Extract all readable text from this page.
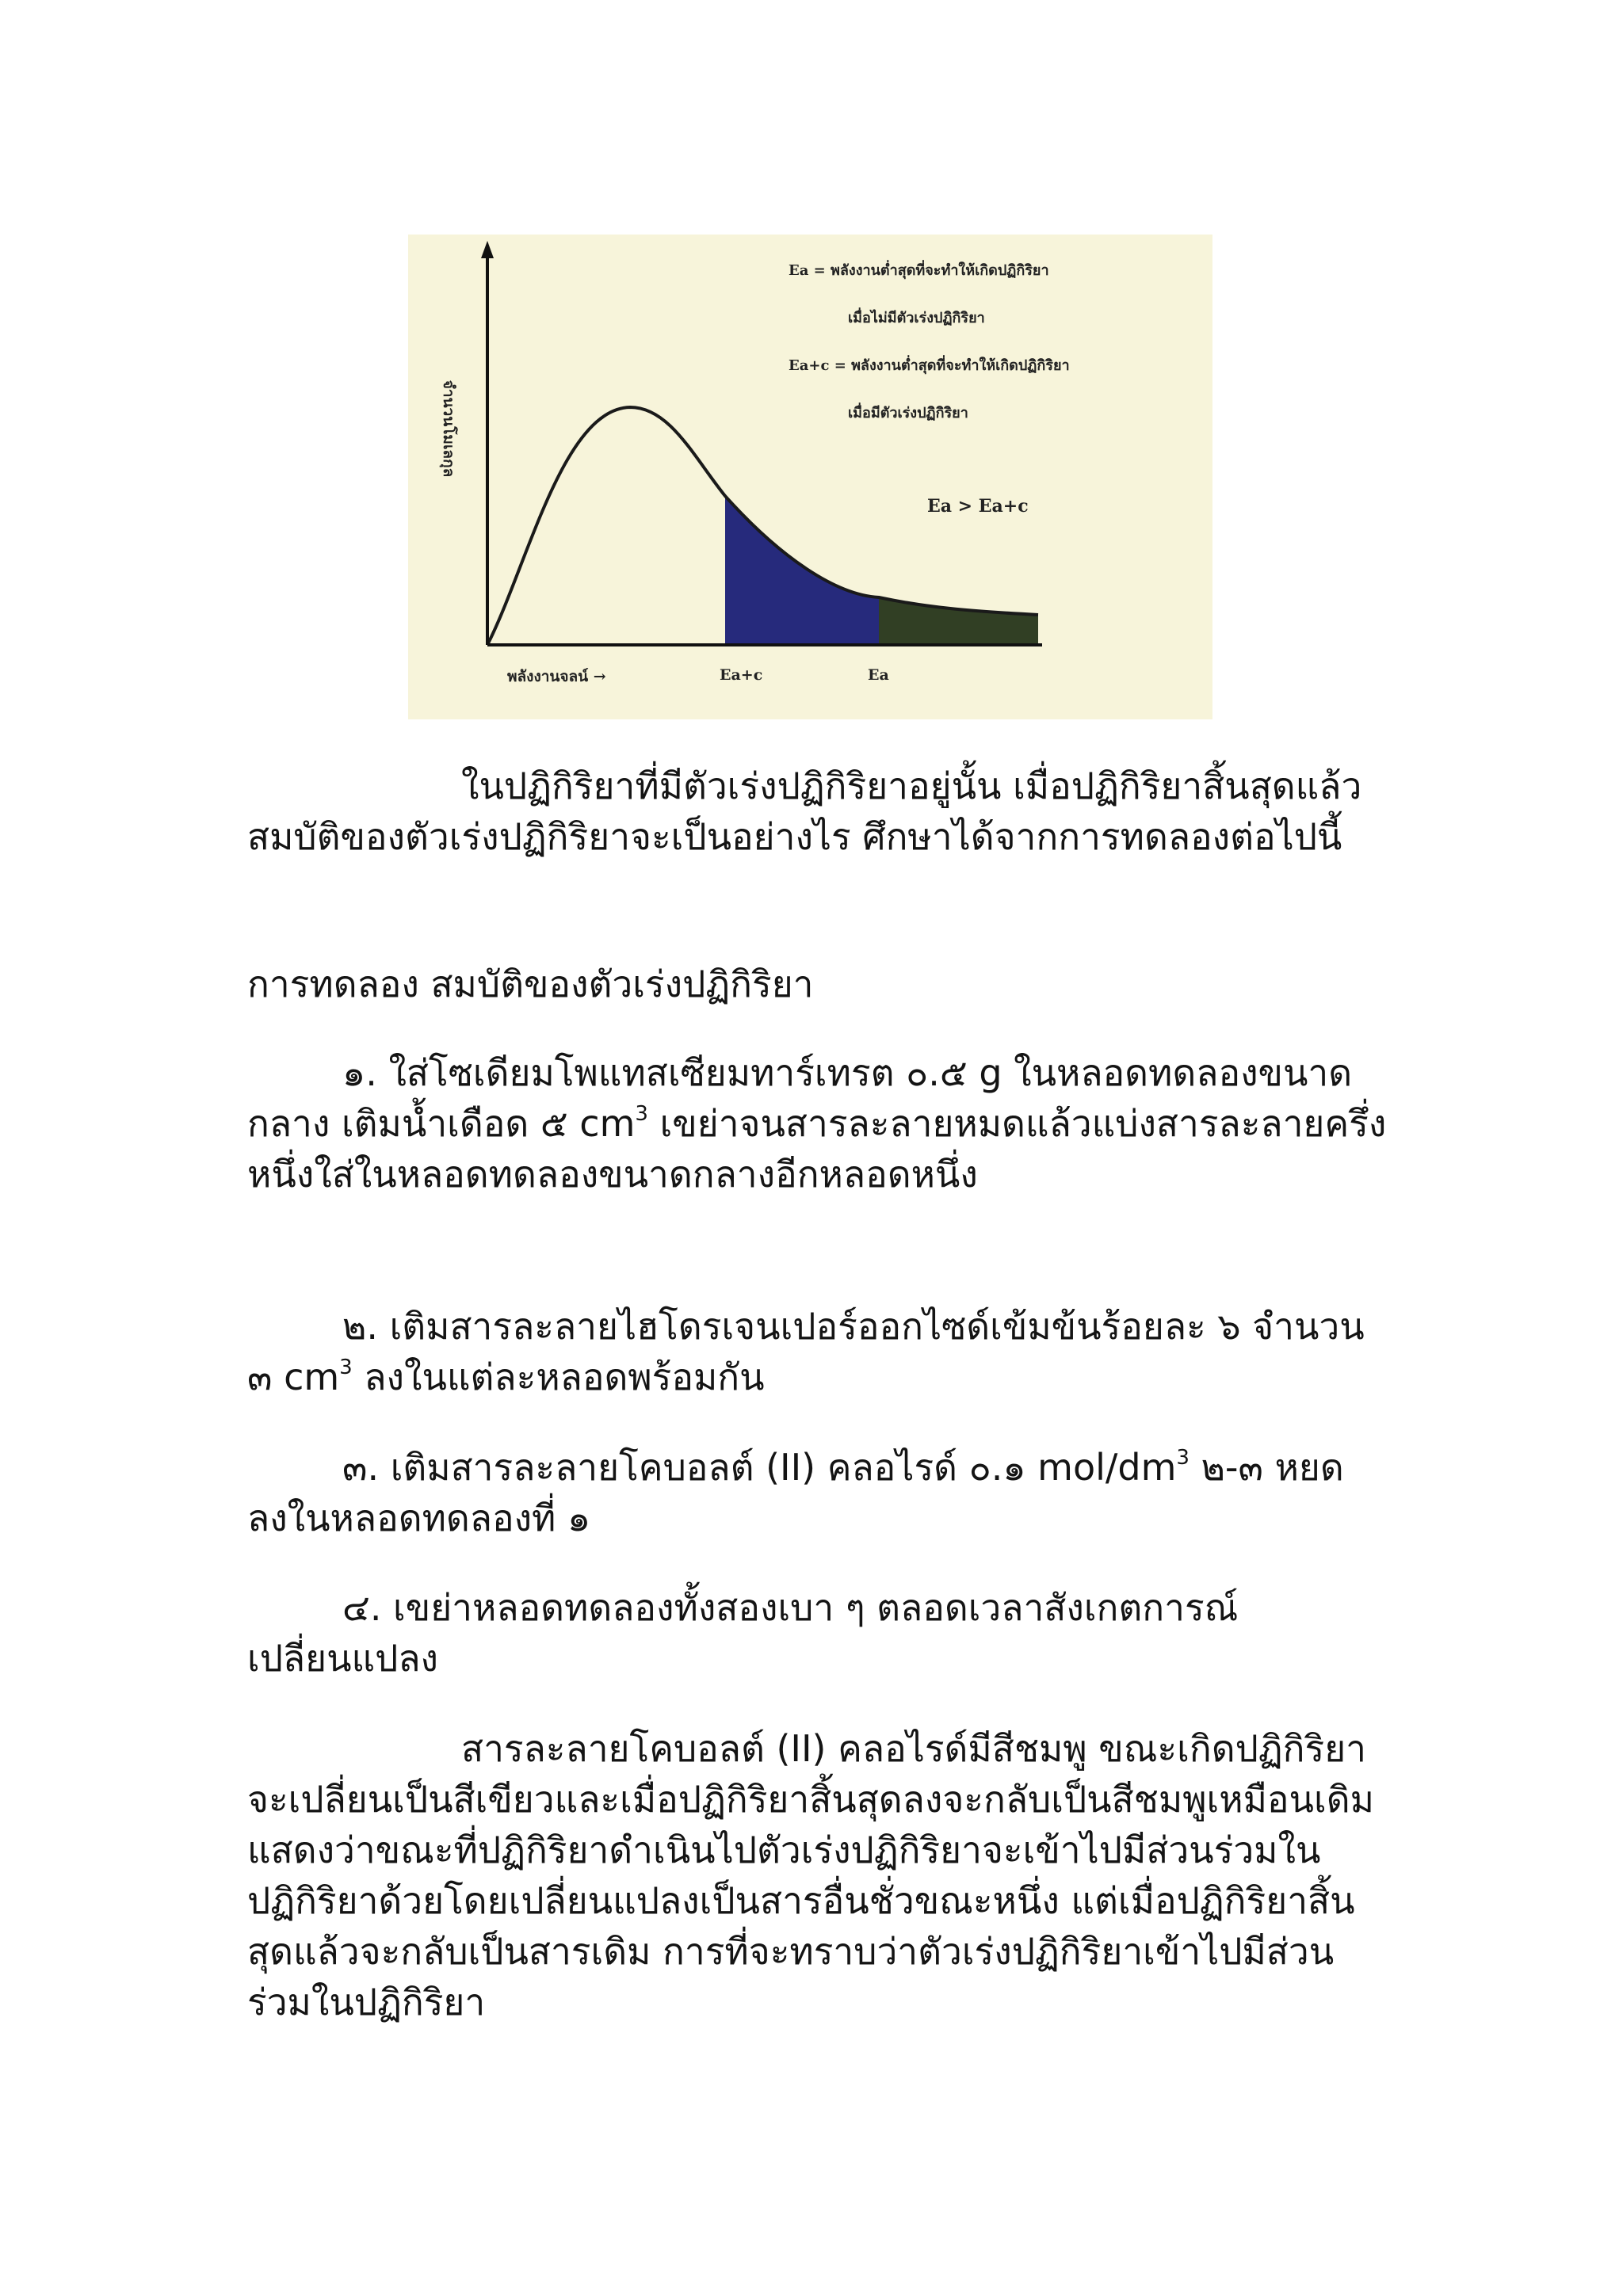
จำนวนโมเลกุล
พลังงานจลน์ →	Ea+c	Ea
Ea = พลังงานต่ำสุดที่จะทำให้เกิดปฏิกิริยา
เมื่อไม่มีตัวเร่งปฏิกิริยา
Ea+c = พลังงานต่ำสุดที่จะทำให้เกิดปฏิกิริยา
เมื่อมีตัวเร่งปฏิกิริยา
Ea > Ea+c

ในปฏิกิริยาที่มีตัวเร่งปฏิกิริยาอยู่นั้น เมื่อปฏิกิริยาสิ้นสุดแล้ว สมบัติของตัวเร่งปฏิกิริยาจะเป็นอย่างไร ศึกษาได้จากการทดลองต่อไปนี้

การทดลอง สมบัติของตัวเร่งปฏิกิริยา

๑. ใส่โซเดียมโพแทสเซียมทาร์เทรต ๐.๕ g ในหลอดทดลองขนาดกลาง เติมน้ำเดือด ๕ $cm^3$ เขย่าจนสารละลายหมดแล้วแบ่งสารละลายครึ่งหนึ่งใส่ในหลอดทดลองขนาดกลางอีกหลอดหนึ่ง

๒. เติมสารละลายไฮโดรเจนเปอร์ออกไซด์เข้มข้นร้อยละ ๖ จำนวน ๓ $cm^3$ ลงในแต่ละหลอดพร้อมกัน

๓. เติมสารละลายโคบอลต์ (II) คลอไรด์ ๐.๑ mol/$dm^3$ ๒-๓ หยด ลงในหลอดทดลองที่ ๑

๔. เขย่าหลอดทดลองทั้งสองเบา ๆ ตลอดเวลาสังเกตการณ์เปลี่ยนแปลง

สารละลายโคบอลต์ (II) คลอไรด์มีสีชมพู ขณะเกิดปฏิกิริยาจะเปลี่ยนเป็นสีเขียวและเมื่อปฏิกิริยาสิ้นสุดลงจะกลับเป็นสีชมพูเหมือนเดิม แสดงว่าขณะที่ปฏิกิริยาดำเนินไปตัวเร่งปฏิกิริยาจะเข้าไปมีส่วนร่วมในปฏิกิริยาด้วยโดยเปลี่ยนแปลงเป็นสารอื่นชั่วขณะหนึ่ง แต่เมื่อปฏิกิริยาสิ้นสุดแล้วจะกลับเป็นสารเดิม การที่จะทราบว่าตัวเร่งปฏิกิริยาเข้าไปมีส่วนร่วมในปฏิกิริยา
